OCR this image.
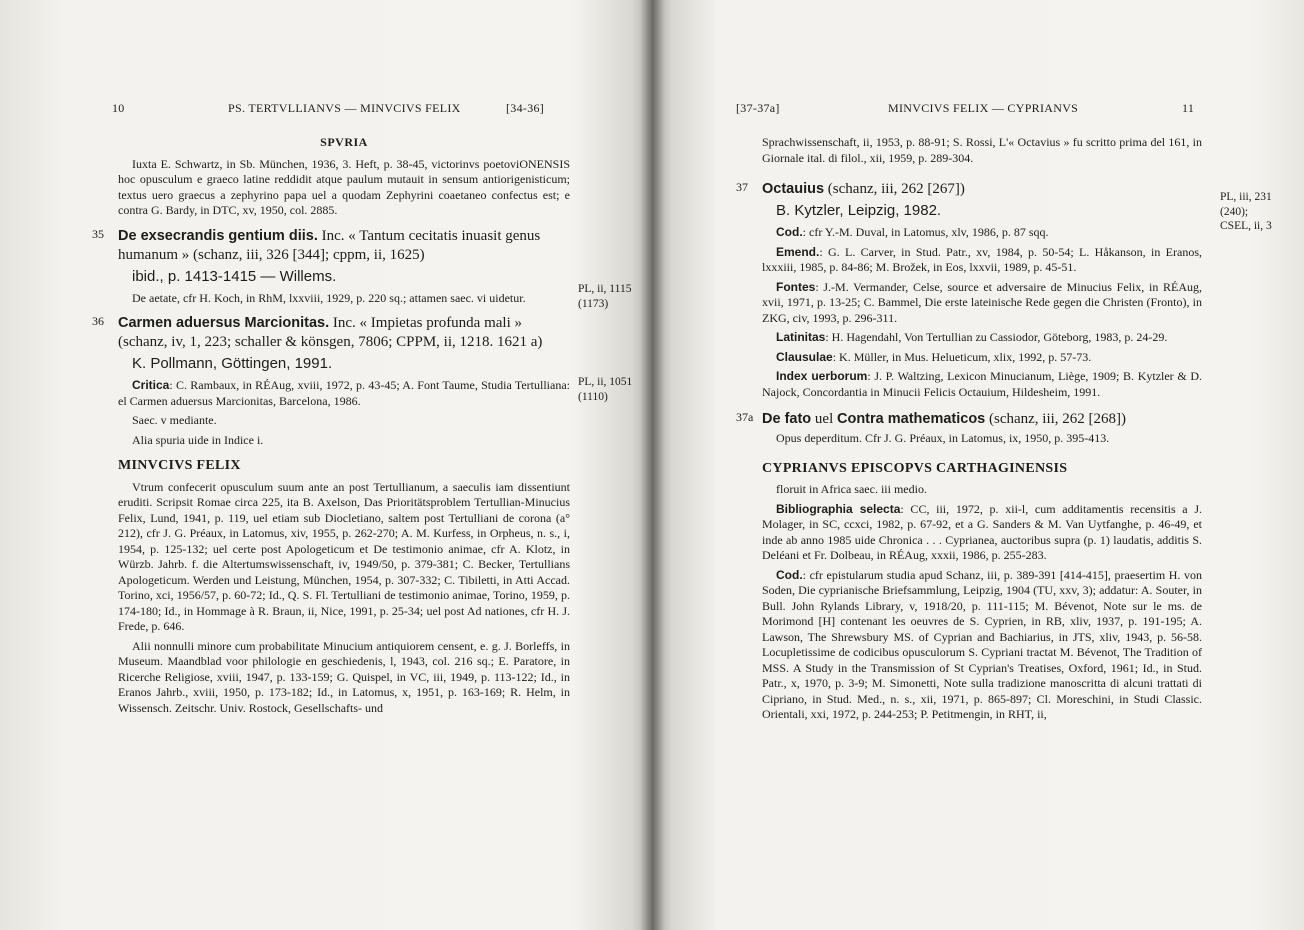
10	PS. TERTVLLIANVS — MINVCIVS FELIX	[34-36]
SPVRIA

Iuxta E. Schwartz, in Sb. München, 1936, 3. Heft, p. 38-45, victorinvs poetoviONENSIS hoc opusculum e graeco latine reddidit atque paulum mutauit in sensum antiorigenisticum; textus uero graecus a zephyrino papa uel a quodam Zephyrini coaetaneo confectus est; e contra G. Bardy, in DTC, xv, 1950, col. 2885.

35 De exsecrandis gentium diis. Inc. « Tantum cecitatis inuasit genus humanum » (schanz, iii, 326 [344]; cppm, ii, 1625)
ibid., p. 1413-1415 — Willems.

De aetate, cfr H. Koch, in RhM, lxxviii, 1929, p. 220 sq.; attamen saec. vi uidetur.

36 Carmen aduersus Marcionitas. Inc. « Impietas profunda mali » (schanz, iv, 1, 223; schaller & könsgen, 7806; CPPM, ii, 1218. 1621 a)
K. Pollmann, Göttingen, 1991.

Critica: C. Rambaux, in RÉAug, xviii, 1972, p. 43-45; A. Font Taume, Studia Tertulliana: el Carmen aduersus Marcionitas, Barcelona, 1986.

Saec. v mediante.

Alia spuria uide in Indice i.

MINVCIVS FELIX

Vtrum confecerit opusculum suum ante an post Tertullianum, a saeculis iam dissentiunt eruditi. Scripsit Romae circa 225, ita B. Axelson, Das Prioritätsproblem Tertullian-Minucius Felix, Lund, 1941, p. 119, uel etiam sub Diocletiano, saltem post Tertulliani de corona (a° 212), cfr J. G. Préaux, in Latomus, xiv, 1955, p. 262-270; A. M. Kurfess, in Orpheus, n. s., i, 1954, p. 125-132; uel certe post Apologeticum et De testimonio animae, cfr A. Klotz, in Würzb. Jahrb. f. die Altertumswissenschaft, iv, 1949/50, p. 379-381; C. Becker, Tertullians Apologeticum. Werden und Leistung, München, 1954, p. 307-332; C. Tibiletti, in Atti Accad. Torino, xci, 1956/57, p. 60-72; Id., Q. S. Fl. Tertulliani de testimonio animae, Torino, 1959, p. 174-180; Id., in Hommage à R. Braun, ii, Nice, 1991, p. 25-34; uel post Ad nationes, cfr H. J. Frede, p. 646.

Alii nonnulli minore cum probabilitate Minucium antiquiorem censent, e. g. J. Borleffs, in Museum. Maandblad voor philologie en geschiedenis, l, 1943, col. 216 sq.; E. Paratore, in Ricerche Religiose, xviii, 1947, p. 133-159; G. Quispel, in VC, iii, 1949, p. 113-122; Id., in Eranos Jahrb., xviii, 1950, p. 173-182; Id., in Latomus, x, 1951, p. 163-169; R. Helm, in Wissensch. Zeitschr. Univ. Rostock, Gesellschafts- und

PL, ii, 1115
(1173)
PL, ii, 1051
(1110)
[37-37a]	MINVCIVS FELIX — CYPRIANVS	11

Sprachwissenschaft, ii, 1953, p. 88-91; S. Rossi, L'« Octavius » fu scritto prima del 161, in Giornale ital. di filol., xii, 1959, p. 289-304.

37 Octauius (schanz, iii, 262 [267])
B. Kytzler, Leipzig, 1982.

Cod.: cfr Y.-M. Duval, in Latomus, xlv, 1986, p. 87 sqq.

Emend.: G. L. Carver, in Stud. Patr., xv, 1984, p. 50-54; L. Håkanson, in Eranos, lxxxiii, 1985, p. 84-86; M. Brožek, in Eos, lxxvii, 1989, p. 45-51.

Fontes: J.-M. Vermander, Celse, source et adversaire de Minucius Felix, in RÉAug, xvii, 1971, p. 13-25; C. Bammel, Die erste lateinische Rede gegen die Christen (Fronto), in ZKG, civ, 1993, p. 296-311.

Latinitas: H. Hagendahl, Von Tertullian zu Cassiodor, Göteborg, 1983, p. 24-29.

Clausulae: K. Müller, in Mus. Helueticum, xlix, 1992, p. 57-73.

Index uerborum: J. P. Waltzing, Lexicon Minucianum, Liège, 1909; B. Kytzler & D. Najock, Concordantia in Minucii Felicis Octauium, Hildesheim, 1991.

37a De fato uel Contra mathematicos (schanz, iii, 262 [268])

Opus deperditum. Cfr J. G. Préaux, in Latomus, ix, 1950, p. 395-413.

CYPRIANVS EPISCOPVS CARTHAGINENSIS

floruit in Africa saec. iii medio.

Bibliographia selecta: CC, iii, 1972, p. xii-l, cum additamentis recensitis a J. Molager, in SC, ccxci, 1982, p. 67-92, et a G. Sanders & M. Van Uytfanghe, p. 46-49, et inde ab anno 1985 uide Chronica . . . Cyprianea, auctoribus supra (p. 1) laudatis, additis S. Deléani et Fr. Dolbeau, in RÉAug, xxxii, 1986, p. 255-283.

Cod.: cfr epistularum studia apud Schanz, iii, p. 389-391 [414-415], praesertim H. von Soden, Die cyprianische Briefsammlung, Leipzig, 1904 (TU, xxv, 3); addatur: A. Souter, in Bull. John Rylands Library, v, 1918/20, p. 111-115; M. Bévenot, Note sur le ms. de Morimond [H] contenant les oeuvres de S. Cyprien, in RB, xliv, 1937, p. 191-195; A. Lawson, The Shrewsbury MS. of Cyprian and Bachiarius, in JTS, xliv, 1943, p. 56-58. Locupletissime de codicibus opusculorum S. Cypriani tractat M. Bévenot, The Tradition of MSS. A Study in the Transmission of St Cyprian's Treatises, Oxford, 1961; Id., in Stud. Patr., x, 1970, p. 3-9; M. Simonetti, Note sulla tradizione manoscritta di alcuni trattati di Cipriano, in Stud. Med., n. s., xii, 1971, p. 865-897; Cl. Moreschini, in Studi Classic. Orientali, xxi, 1972, p. 244-253; P. Petitmengin, in RHT, ii,

PL, iii, 231
(240);
CSEL, ii, 3
